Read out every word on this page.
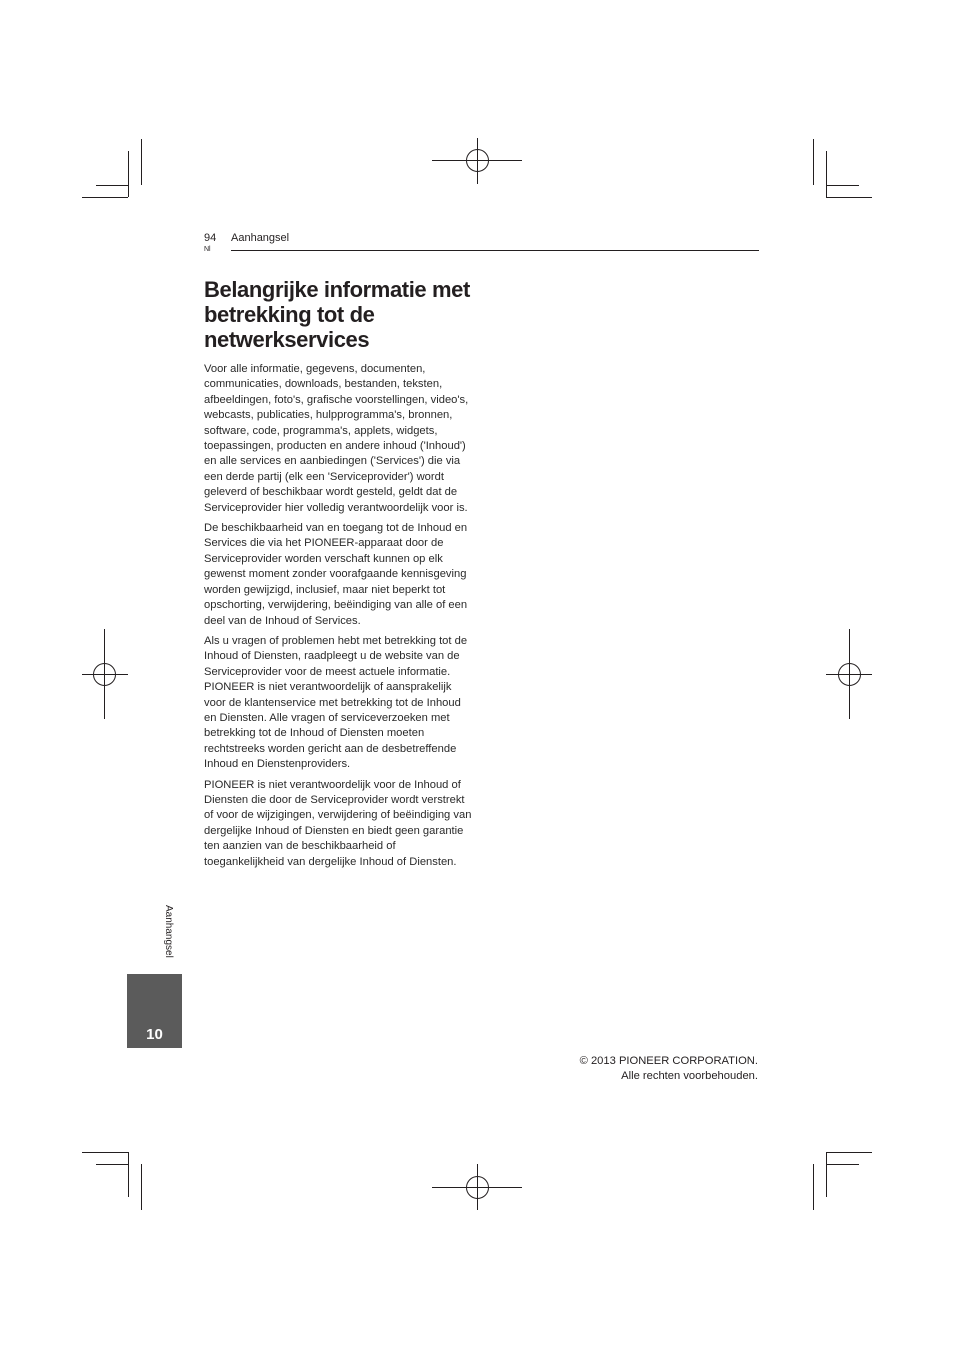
94
Nl
Aanhangsel
Belangrijke informatie met betrekking tot de netwerkservices

Voor alle informatie, gegevens, documenten, communicaties, downloads, bestanden, teksten, afbeeldingen, foto's, grafische voorstellingen, video's, webcasts, publicaties, hulpprogramma's, bronnen, software, code, programma's, applets, widgets, toepassingen, producten en andere inhoud ('Inhoud') en alle services en aanbiedingen ('Services') die via een derde partij (elk een 'Serviceprovider') wordt geleverd of beschikbaar wordt gesteld, geldt dat de Serviceprovider hier volledig verantwoordelijk voor is.

De beschikbaarheid van en toegang tot de Inhoud en Services die via het PIONEER-apparaat door de Serviceprovider worden verschaft kunnen op elk gewenst moment zonder voorafgaande kennisgeving worden gewijzigd, inclusief, maar niet beperkt tot opschorting, verwijdering, beëindiging van alle of een deel van de Inhoud of Services.

Als u vragen of problemen hebt met betrekking tot de Inhoud of Diensten, raadpleegt u de website van de Serviceprovider voor de meest actuele informatie. PIONEER is niet verantwoordelijk of aansprakelijk voor de klantenservice met betrekking tot de Inhoud en Diensten. Alle vragen of serviceverzoeken met betrekking tot de Inhoud of Diensten moeten rechtstreeks worden gericht aan de desbetreffende Inhoud en Dienstenproviders.

PIONEER is niet verantwoordelijk voor de Inhoud of Diensten die door de Serviceprovider wordt verstrekt of voor de wijzigingen, verwijdering of beëindiging van dergelijke Inhoud of Diensten en biedt geen garantie ten aanzien van de beschikbaarheid of toegankelijkheid van dergelijke Inhoud of Diensten.

Aanhangsel
10
© 2013 PIONEER CORPORATION.
Alle rechten voorbehouden.
